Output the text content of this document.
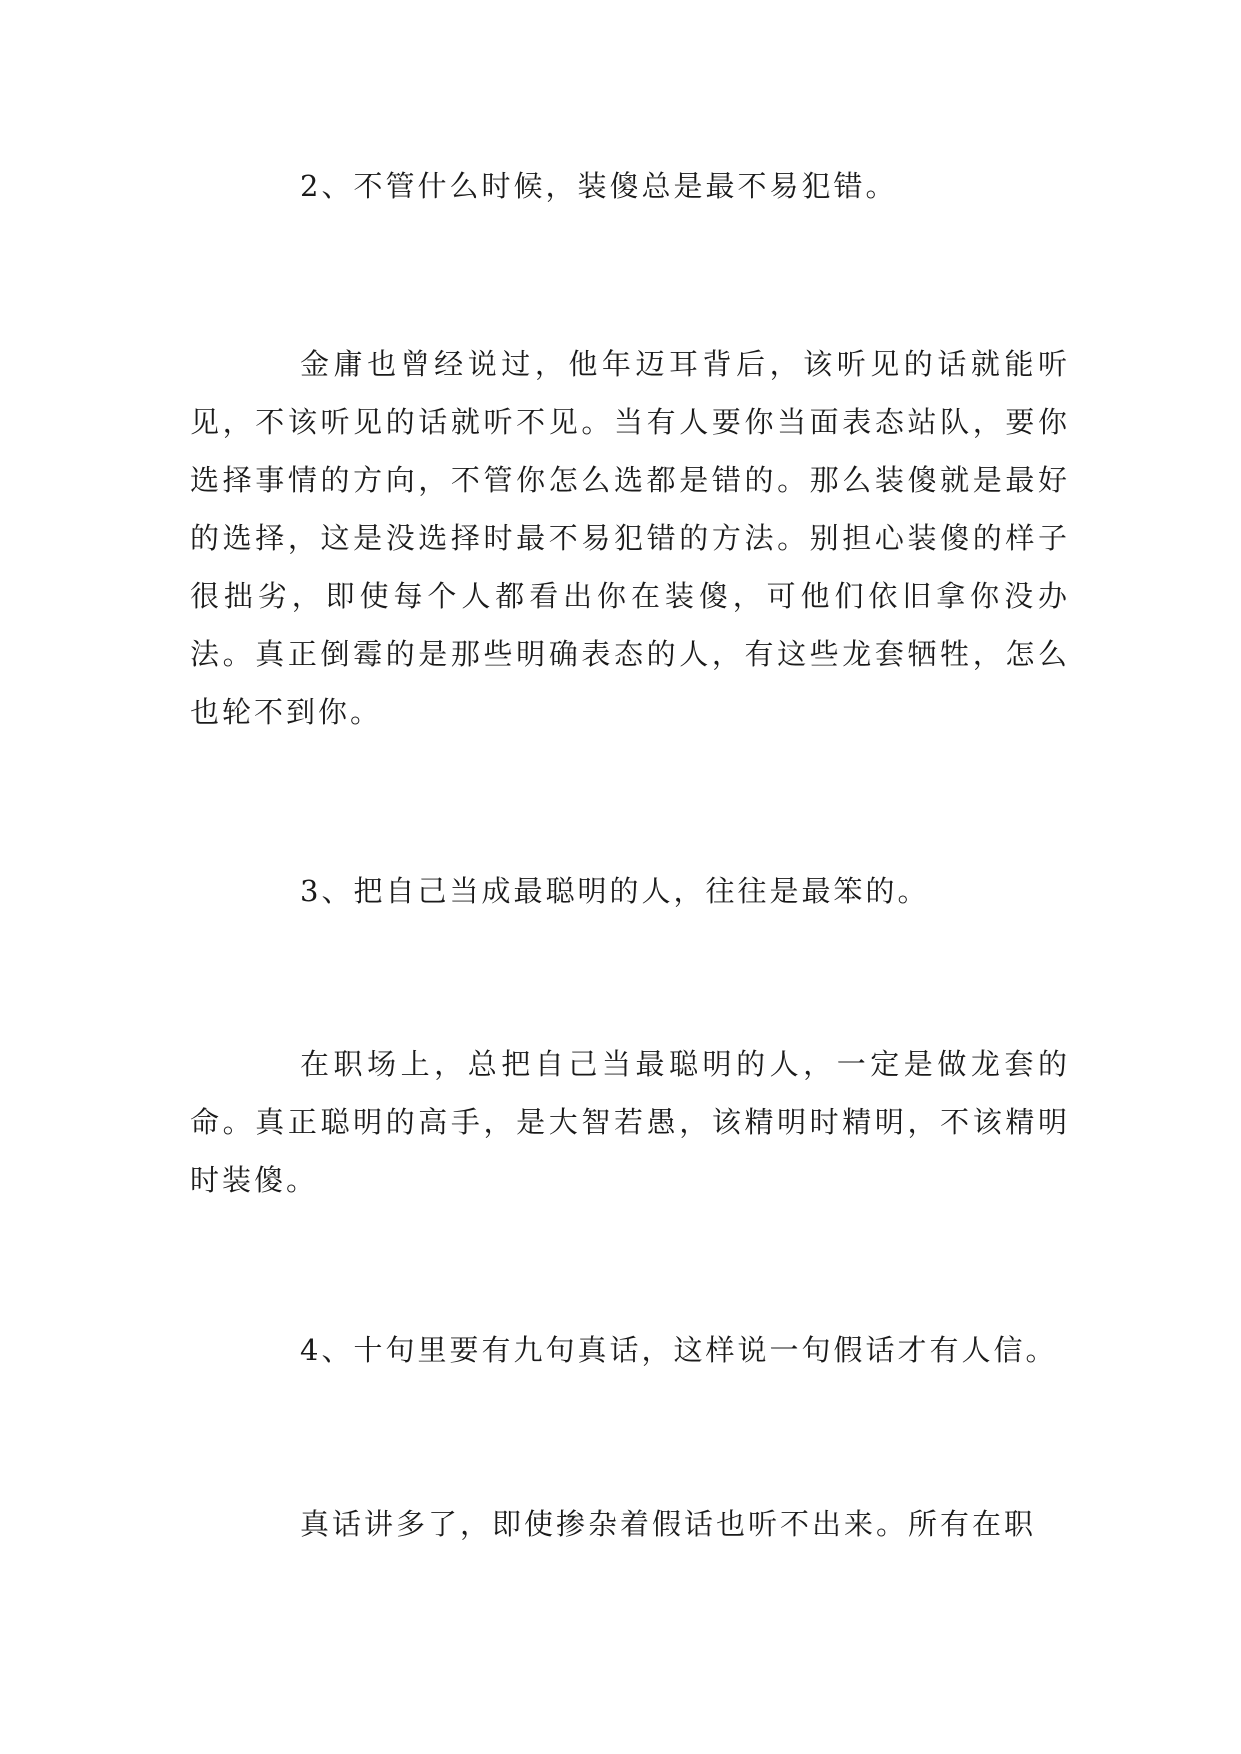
2、不管什么时候，装傻总是最不易犯错。

金庸也曾经说过，他年迈耳背后，该听见的话就能听见，不该听见的话就听不见。当有人要你当面表态站队，要你选择事情的方向，不管你怎么选都是错的。那么装傻就是最好的选择，这是没选择时最不易犯错的方法。别担心装傻的样子很拙劣，即使每个人都看出你在装傻，可他们依旧拿你没办法。真正倒霉的是那些明确表态的人，有这些龙套牺牲，怎么也轮不到你。

3、把自己当成最聪明的人，往往是最笨的。

在职场上，总把自己当最聪明的人，一定是做龙套的命。真正聪明的高手，是大智若愚，该精明时精明，不该精明时装傻。

4、十句里要有九句真话，这样说一句假话才有人信。

真话讲多了，即使掺杂着假话也听不出来。所有在职
